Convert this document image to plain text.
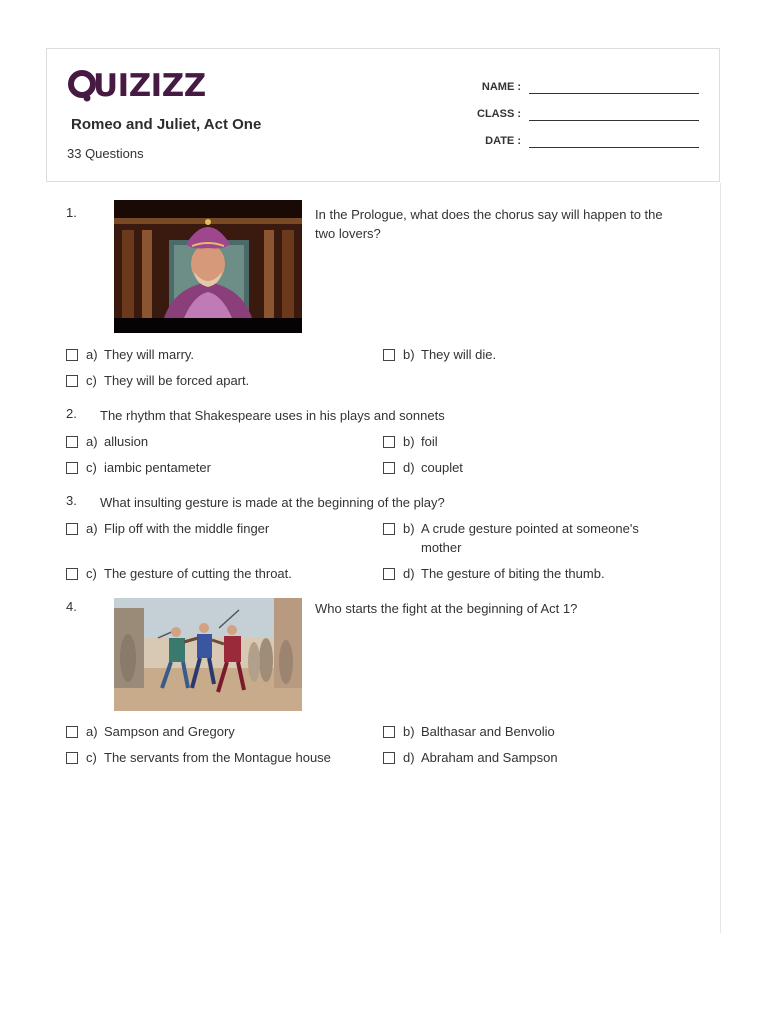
UIZIZZ
Romeo and Juliet, Act One
33 Questions
NAME :
CLASS :
DATE :
1.	In the Prologue, what does the chorus say will happen to the two lovers?
a) They will marry.	b) They will die.
c) They will be forced apart.
2. The rhythm that Shakespeare uses in his plays and sonnets
a) allusion	b) foil
c) iambic pentameter	d) couplet
3. What insulting gesture is made at the beginning of the play?
a) Flip off with the middle finger	b) A crude gesture pointed at someone's mother
c) The gesture of cutting the throat.	d) The gesture of biting the thumb.
4.	Who starts the fight at the beginning of Act 1?
a) Sampson and Gregory	b) Balthasar and Benvolio
c) The servants from the Montague house	d) Abraham and Sampson
